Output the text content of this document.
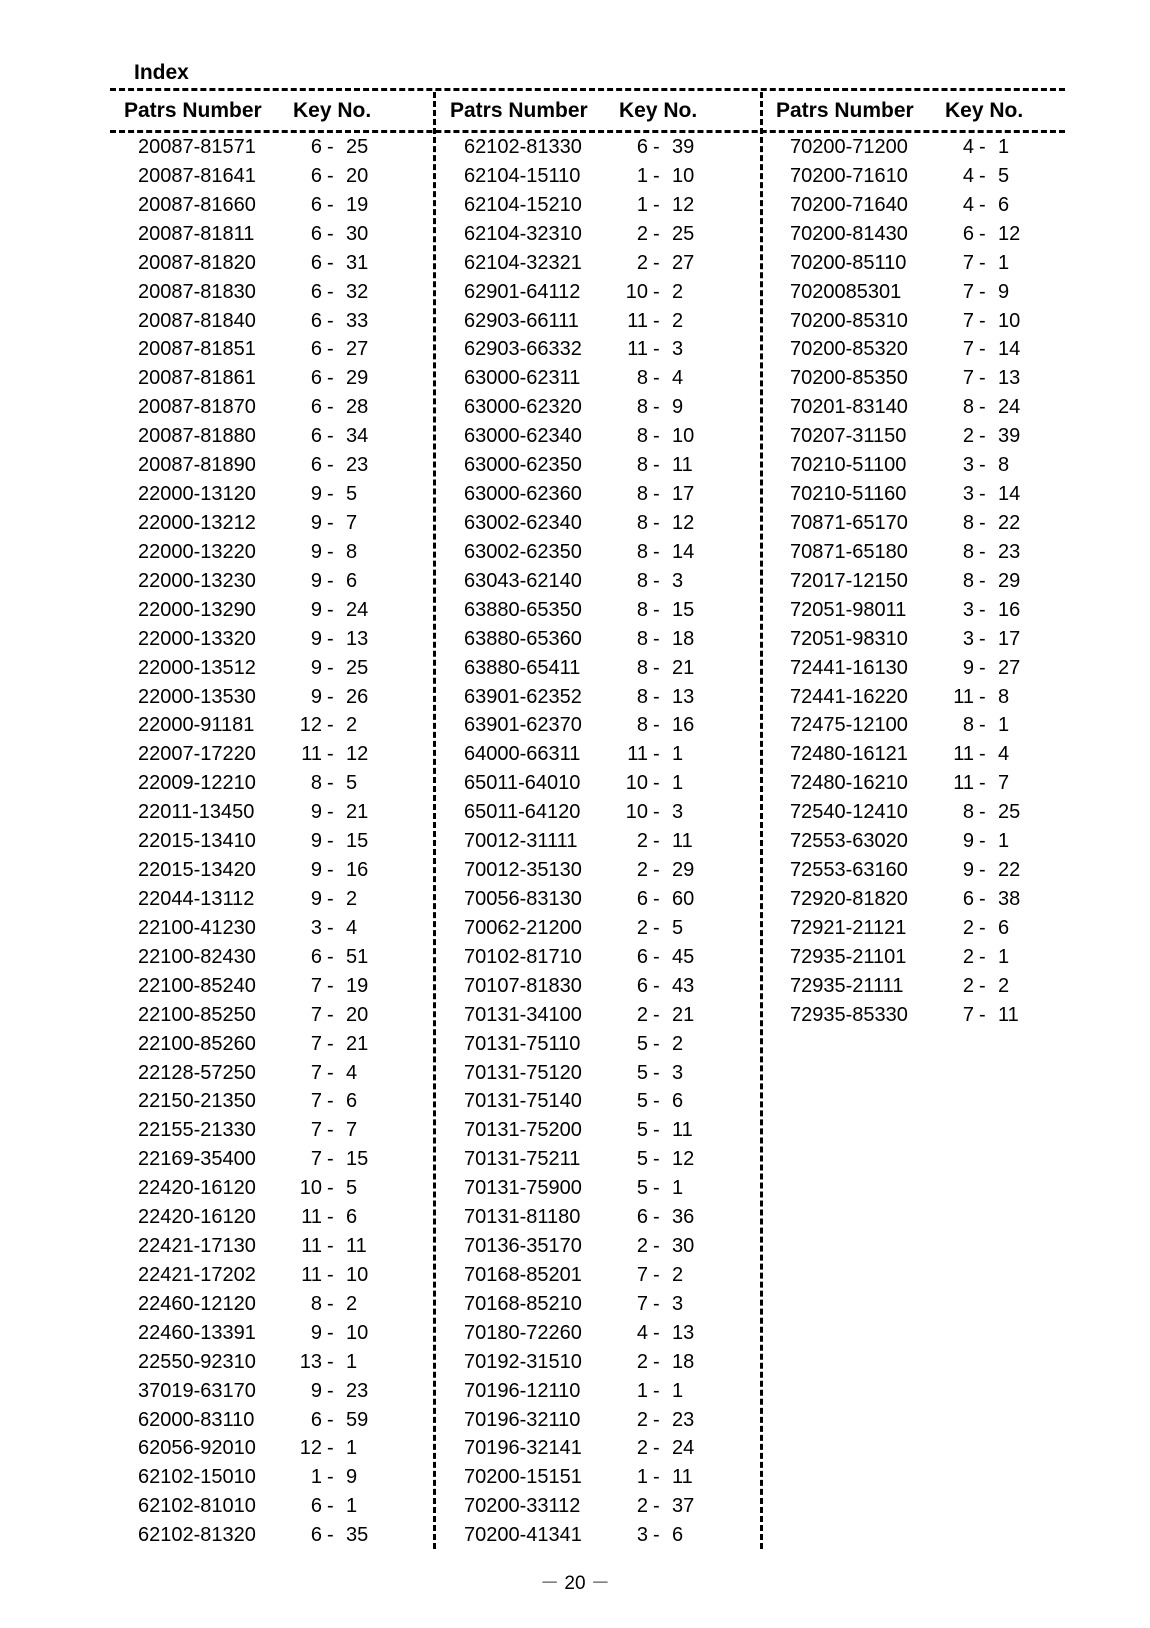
Index
Patrs Number Key No.
20087-81571	6 - 25
20087-81641	6 - 20
20087-81660	6 - 19
20087-81811	6 - 30
20087-81820	6 - 31
20087-81830	6 - 32
20087-81840	6 - 33
20087-81851	6 - 27
20087-81861	6 - 29
20087-81870	6 - 28
20087-81880	6 - 34
20087-81890	6 - 23
22000-13120	9 - 5
22000-13212	9 - 7
22000-13220	9 - 8
22000-13230	9 - 6
22000-13290	9 - 24
22000-13320	9 - 13
22000-13512	9 - 25
22000-13530	9 - 26
22000-91181 12 - 2
22007-17220 11 - 12
22009-12210	8 - 5
22011-13450	9 - 21
22015-13410	9 - 15
22015-13420	9 - 16
22044-13112	9 - 2
22100-41230	3 - 4
22100-82430	6 - 51
22100-85240	7 - 19
22100-85250	7 - 20
22100-85260	7 - 21
22128-57250	7 - 4
22150-21350	7 - 6
22155-21330	7 - 7
22169-35400	7 - 15
22420-16120 10 - 5
22420-16120 11 - 6
22421-17130 11 - 11
22421-17202 11 - 10
22460-12120	8 - 2
22460-13391	9 - 10
22550-92310 13 - 1
37019-63170	9 - 23
62000-83110	6 - 59
62056-92010 12 - 1
62102-15010	1 - 9
62102-81010	6 - 1
62102-81320	6 - 35
Patrs Number Key No.
62102-81330	6 - 39
62104-15110	1 - 10
62104-15210	1 - 12
62104-32310	2 - 25
62104-32321	2 - 27
62901-64112 10 - 2
62903-66111 11 - 2
62903-66332 11 - 3
63000-62311	8 - 4
63000-62320	8 - 9
63000-62340	8 - 10
63000-62350	8 - 11
63000-62360	8 - 17
63002-62340	8 - 12
63002-62350	8 - 14
63043-62140	8 - 3
63880-65350	8 - 15
63880-65360	8 - 18
63880-65411	8 - 21
63901-62352	8 - 13
63901-62370	8 - 16
64000-66311 11 - 1
65011-64010 10 - 1
65011-64120 10 - 3
70012-31111	2 - 11
70012-35130	2 - 29
70056-83130	6 - 60
70062-21200	2 - 5
70102-81710	6 - 45
70107-81830	6 - 43
70131-34100	2 - 21
70131-75110	5 - 2
70131-75120	5 - 3
70131-75140	5 - 6
70131-75200	5 - 11
70131-75211	5 - 12
70131-75900	5 - 1
70131-81180	6 - 36
70136-35170	2 - 30
70168-85201	7 - 2
70168-85210	7 - 3
70180-72260	4 - 13
70192-31510	2 - 18
70196-12110	1 - 1
70196-32110	2 - 23
70196-32141	2 - 24
70200-15151	1 - 11
70200-33112	2 - 37
70200-41341	3 - 6
Patrs Number Key No.
70200-71200	4 - 1
70200-71610	4 - 5
70200-71640	4 - 6
70200-81430	6 - 12
70200-85110	7 - 1
7020085301	7 - 9
70200-85310	7 - 10
70200-85320	7 - 14
70200-85350	7 - 13
70201-83140	8 - 24
70207-31150	2 - 39
70210-51100	3 - 8
70210-51160	3 - 14
70871-65170	8 - 22
70871-65180	8 - 23
72017-12150	8 - 29
72051-98011	3 - 16
72051-98310	3 - 17
72441-16130	9 - 27
72441-16220 11 - 8
72475-12100	8 - 1
72480-16121 11 - 4
72480-16210 11 - 7
72540-12410	8 - 25
72553-63020	9 - 1
72553-63160	9 - 22
72920-81820	6 - 38
72921-21121	2 - 6
72935-21101	2 - 1
72935-21111	2 - 2
72935-85330	7 - 11
－ 20 －
